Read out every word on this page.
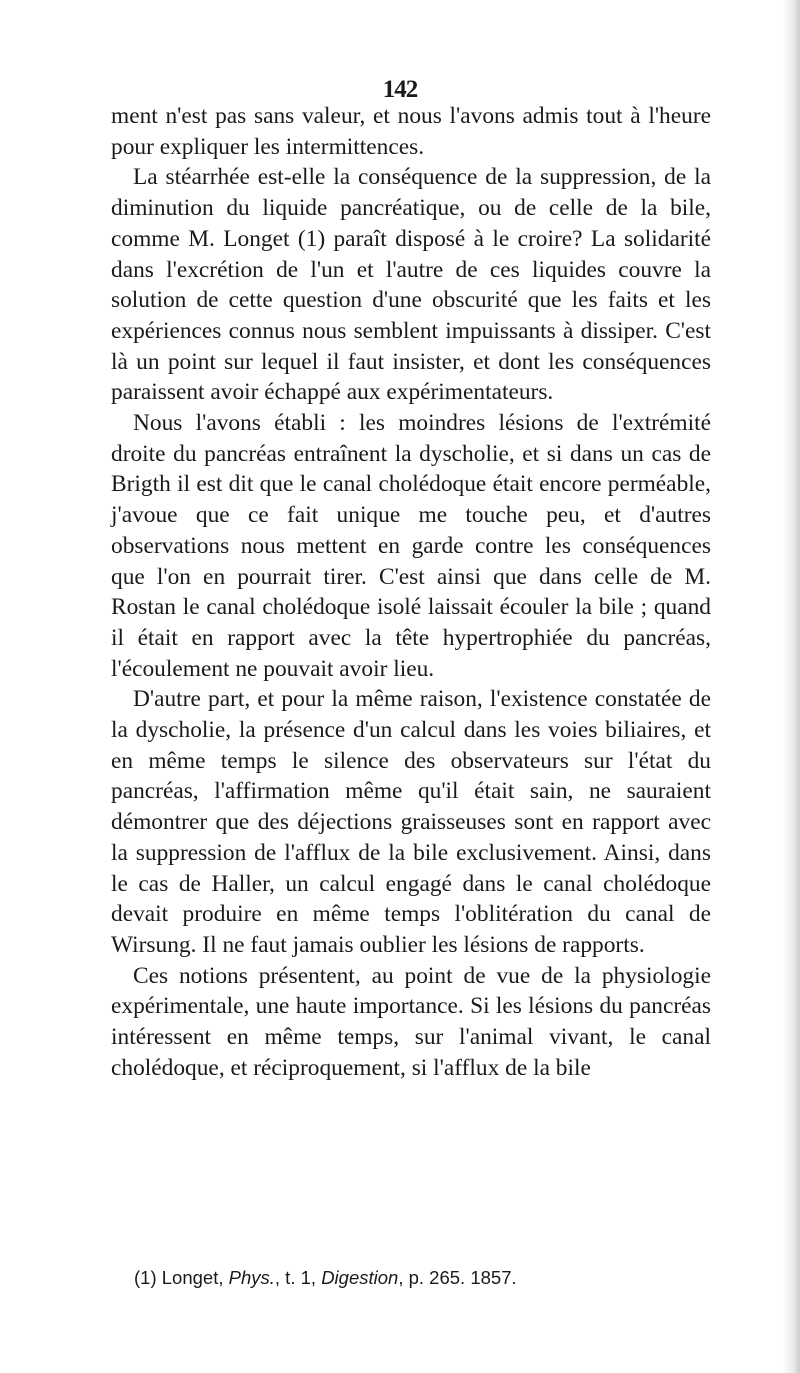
142

ment n'est pas sans valeur, et nous l'avons admis tout à l'heure pour expliquer les intermittences.

La stéarrhée est-elle la conséquence de la suppression, de la diminution du liquide pancréatique, ou de celle de la bile, comme M. Longet (1) paraît disposé à le croire? La solidarité dans l'excrétion de l'un et l'autre de ces liquides couvre la solution de cette question d'une obscurité que les faits et les expériences connus nous semblent impuissants à dissiper. C'est là un point sur lequel il faut insister, et dont les conséquences paraissent avoir échappé aux expérimentateurs.

Nous l'avons établi : les moindres lésions de l'extrémité droite du pancréas entraînent la dyscholie, et si dans un cas de Brigth il est dit que le canal cholédoque était encore perméable, j'avoue que ce fait unique me touche peu, et d'autres observations nous mettent en garde contre les conséquences que l'on en pourrait tirer. C'est ainsi que dans celle de M. Rostan le canal cholédoque isolé laissait écouler la bile ; quand il était en rapport avec la tête hypertrophiée du pancréas, l'écoulement ne pouvait avoir lieu.

D'autre part, et pour la même raison, l'existence constatée de la dyscholie, la présence d'un calcul dans les voies biliaires, et en même temps le silence des observateurs sur l'état du pancréas, l'affirmation même qu'il était sain, ne sauraient démontrer que des déjections graisseuses sont en rapport avec la suppression de l'afflux de la bile exclusivement. Ainsi, dans le cas de Haller, un calcul engagé dans le canal cholédoque devait produire en même temps l'oblitération du canal de Wirsung. Il ne faut jamais oublier les lésions de rapports.

Ces notions présentent, au point de vue de la physiologie expérimentale, une haute importance. Si les lésions du pancréas intéressent en même temps, sur l'animal vivant, le canal cholédoque, et réciproquement, si l'afflux de la bile

(1) Longet, Phys., t. 1, Digestion, p. 265. 1857.
